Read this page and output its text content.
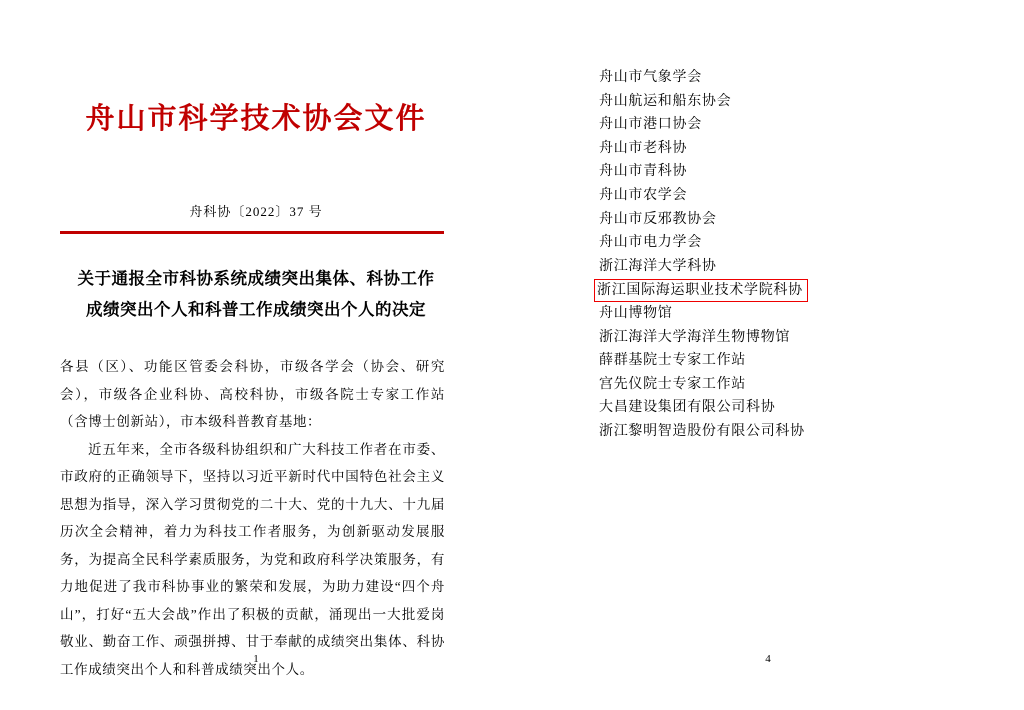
舟山市科学技术协会文件
舟科协〔2022〕37 号
关于通报全市科协系统成绩突出集体、科协工作
成绩突出个人和科普工作成绩突出个人的决定

各县（区）、功能区管委会科协，市级各学会（协会、研究会），市级各企业科协、高校科协，市级各院士专家工作站（含博士创新站），市本级科普教育基地：

近五年来，全市各级科协组织和广大科技工作者在市委、市政府的正确领导下，坚持以习近平新时代中国特色社会主义思想为指导，深入学习贯彻党的二十大、党的十九大、十九届历次全会精神，着力为科技工作者服务，为创新驱动发展服务，为提高全民科学素质服务，为党和政府科学决策服务，有力地促进了我市科协事业的繁荣和发展，为助力建设“四个舟山”，打好“五大会战”作出了积极的贡献，涌现出一大批爱岗敬业、勤奋工作、顽强拼搏、甘于奉献的成绩突出集体、科协工作成绩突出个人和科普成绩突出个人。

1
舟山市气象学会
舟山航运和船东协会
舟山市港口协会
舟山市老科协
舟山市青科协
舟山市农学会
舟山市反邪教协会
舟山市电力学会
浙江海洋大学科协
浙江国际海运职业技术学院科协
舟山博物馆
浙江海洋大学海洋生物博物馆
薛群基院士专家工作站
宫先仪院士专家工作站
大昌建设集团有限公司科协
浙江黎明智造股份有限公司科协
4
